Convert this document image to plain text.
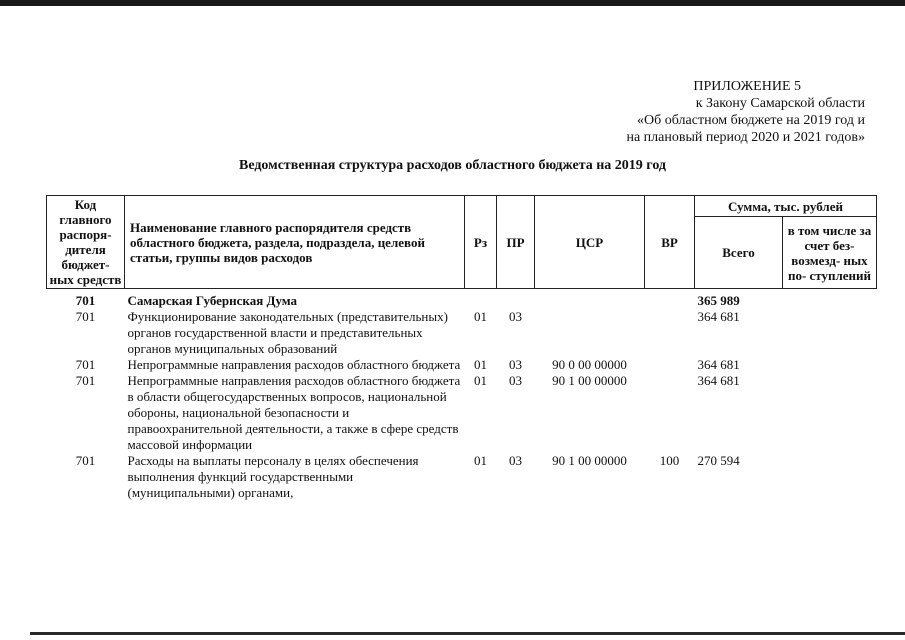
ПРИЛОЖЕНИЕ 5
к Закону Самарской области
«Об областном бюджете на 2019 год и
на плановый период 2020 и 2021 годов»
Ведомственная структура расходов областного бюджета на 2019 год
Код главного распоря- дителя бюджет- ных средств	Наименование главного распорядителя средств областного бюджета, раздела, подраздела, целевой статьи, группы видов расходов	Рз	ПР	ЦСР	ВР	Сумма, тыс. рублей	
						Всего	в том числе за счет без- возмезд- ных по- ступлений
701	Самарская Губернская Дума					365 989	
701	Функционирование законодательных (представительных) органов государственной власти и представительных органов муниципальных образований	01	03			364 681	
701	Непрограммные направления расходов областного бюджета	01	03	90 0 00 00000		364 681	
701	Непрограммные направления расходов областного бюджета в области общегосударственных вопросов, национальной обороны, национальной безопасности и правоохранительной деятельности, а также в сфере средств массовой информации	01	03	90 1 00 00000		364 681	
701	Расходы на выплаты персоналу в целях обеспечения выполнения функций государственными (муниципальными) органами,	01	03	90 1 00 00000	100	270 594	
